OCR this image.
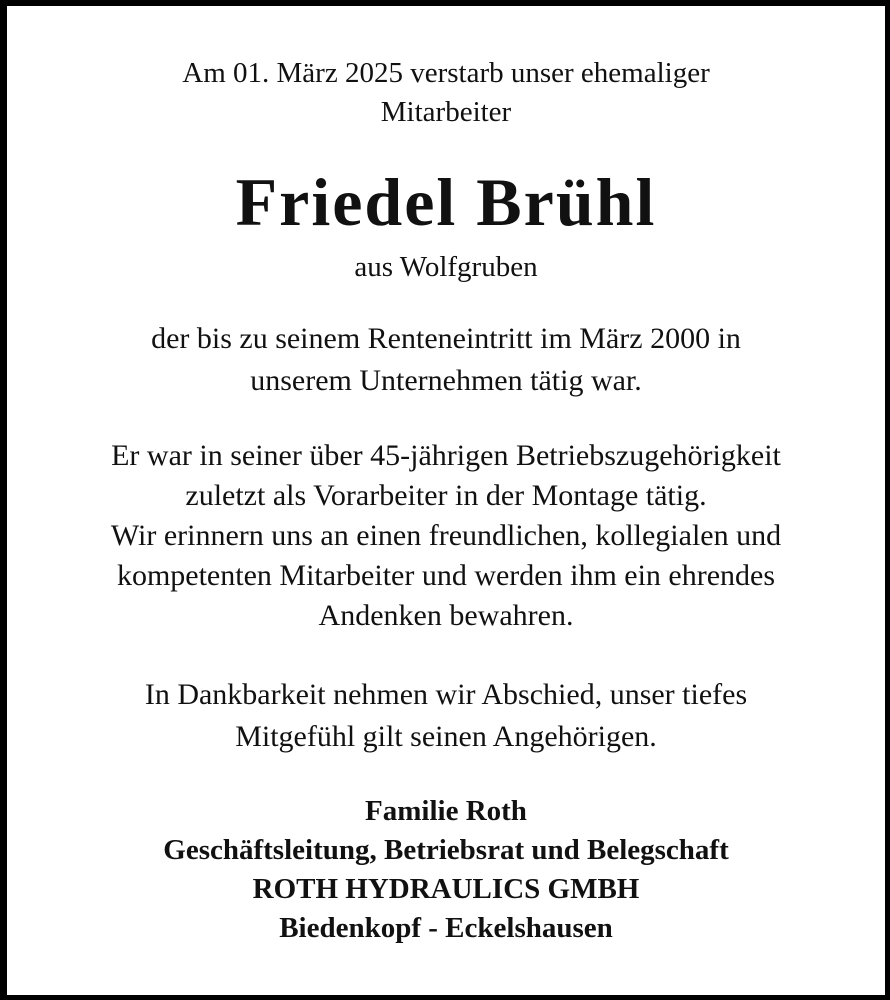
Am 01. März 2025 verstarb unser ehemaliger
Mitarbeiter
Friedel Brühl
aus Wolfgruben
der bis zu seinem Renteneintritt im März 2000 in
unserem Unternehmen tätig war.
Er war in seiner über 45-jährigen Betriebszugehörigkeit
zuletzt als Vorarbeiter in der Montage tätig.
Wir erinnern uns an einen freundlichen, kollegialen und
kompetenten Mitarbeiter und werden ihm ein ehrendes
Andenken bewahren.
In Dankbarkeit nehmen wir Abschied, unser tiefes
Mitgefühl gilt seinen Angehörigen.
Familie Roth
Geschäftsleitung, Betriebsrat und Belegschaft
ROTH HYDRAULICS GMBH
Biedenkopf - Eckelshausen
